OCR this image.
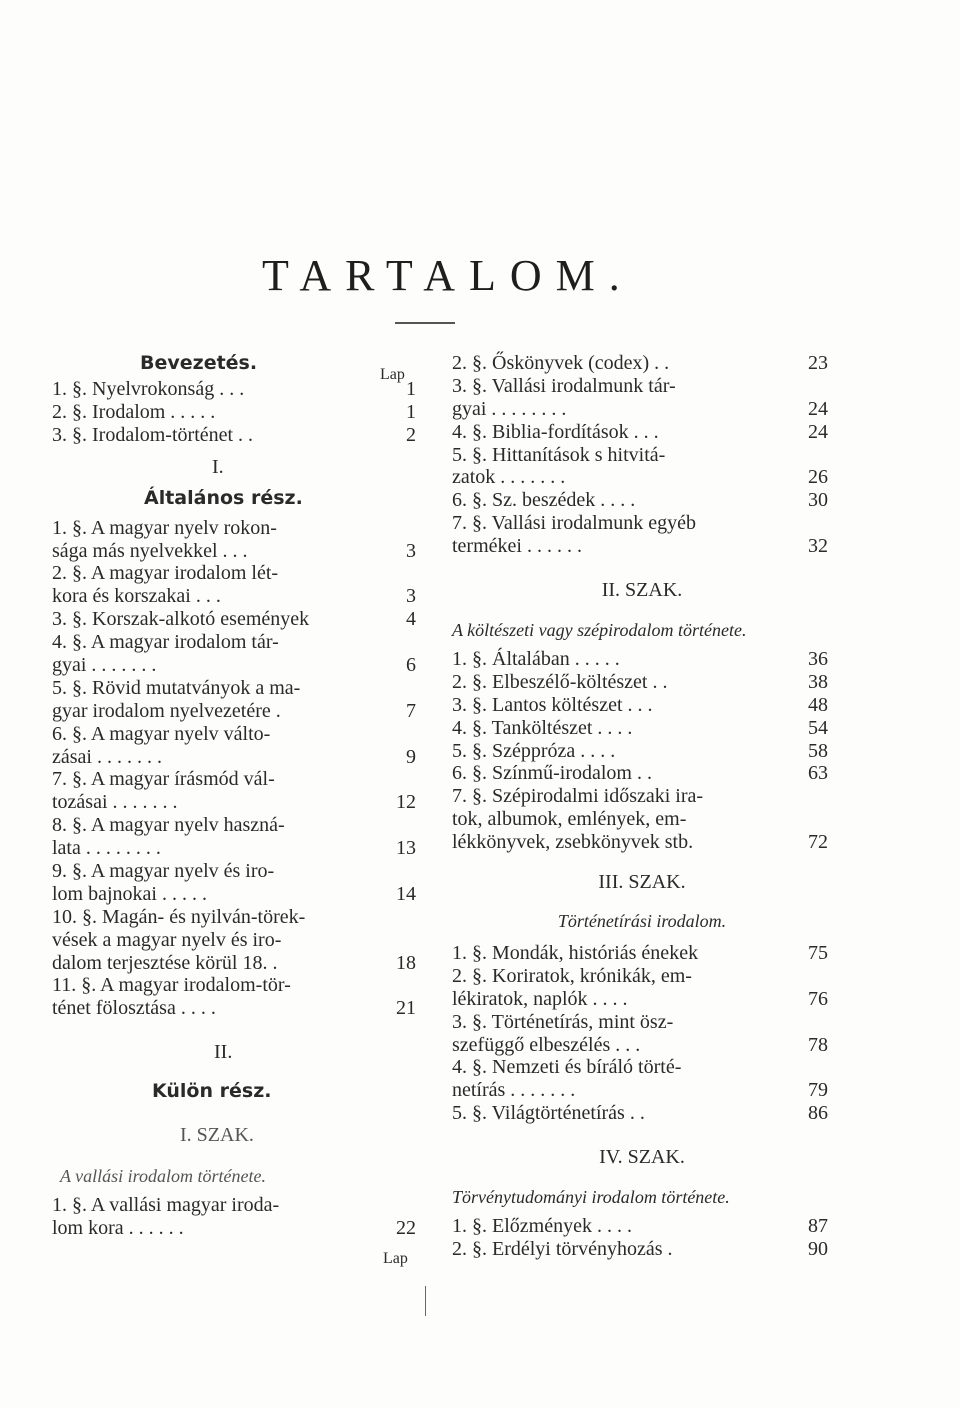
TARTALOM.
Lap
Lap
Bevezetés.
1. §. Nyelvrokonság . . .	1
2. §. Irodalom . . . . .	1
3. §. Irodalom-történet . .	2
I.
Általános rész.
1. §. A magyar nyelv rokon-
sága más nyelvekkel . . .	3
2. §. A magyar irodalom lét-
kora és korszakai . . .	3
3. §. Korszak-alkotó események	4
4. §. A magyar irodalom tár-
gyai . . . . . . .	6
5. §. Rövid mutatványok a ma-
gyar irodalom nyelvezetére .	7
6. §. A magyar nyelv válto-
zásai . . . . . . .	9
7. §. A magyar írásmód vál-
tozásai . . . . . . .	12
8. §. A magyar nyelv haszná-
lata . . . . . . . .	13
9. §. A magyar nyelv és iro-
lom bajnokai . . . . .	14
10. §. Magán- és nyilván-törek-
vések a magyar nyelv és iro-
dalom terjesztése körül 18. .	18
11. §. A magyar irodalom-tör-
ténet fölosztása . . . .	21
II.
Külön rész.
I. SZAK.
A vallási irodalom története.
1. §. A vallási magyar iroda-
lom kora . . . . . .	22
2. §. Őskönyvek (codex) . .	23
3. §. Vallási irodalmunk tár-
gyai . . . . . . . .	24
4. §. Biblia-fordítások . . .	24
5. §. Hittanítások s hitvitá-
zatok . . . . . . .	26
6. §. Sz. beszédek . . . .	30
7. §. Vallási irodalmunk egyéb
termékei . . . . . .	32
II. SZAK.
A költészeti vagy szépirodalom története.
1. §. Általában . . . . .	36
2. §. Elbeszélő-költészet . .	38
3. §. Lantos költészet . . .	48
4. §. Tanköltészet . . . .	54
5. §. Széppróza . . . .	58
6. §. Színmű-irodalom . .	63
7. §. Szépirodalmi időszaki ira-
tok, albumok, emlények, em-
lékkönyvek, zsebkönyvek stb.	72
III. SZAK.
Történetírási irodalom.
1. §. Mondák, históriás énekek	75
2. §. Koriratok, krónikák, em-
lékiratok, naplók . . . .	76
3. §. Történetírás, mint ösz-
szefüggő elbeszélés . . .	78
4. §. Nemzeti és bíráló törté-
netírás . . . . . . .	79
5. §. Világtörténetírás . .	86
IV. SZAK.
Törvénytudományi irodalom története.
1. §. Előzmények . . . .	87
2. §. Erdélyi törvényhozás .	90
